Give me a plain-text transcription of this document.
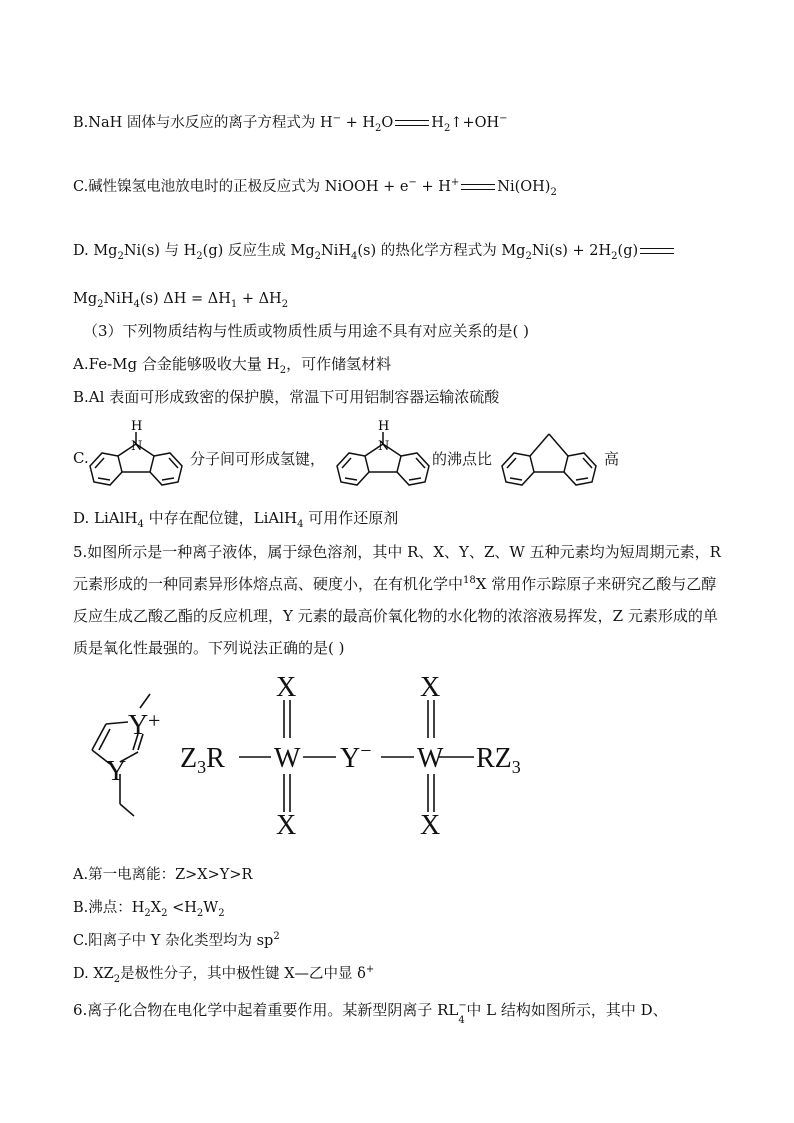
B.NaH 固体与水反应的离子方程式为 $H^- + H_2O$	$H_2↑+OH^-$
C.碱性镍氢电池放电时的正极反应式为 NiOOH + e− + H+	$Ni(OH)_2$
D. $Mg_2Ni(s)$ 与 $H_2(g)$ 反应生成 $Mg_2NiH_4(s)$ 的热化学方程式为 $Mg_2Ni(s) + 2H_2(g)$
$Mg_2NiH_4(s) \Delta H = \Delta H_1 + \Delta H_2$
（3）下列物质结构与性质或物质性质与用途不具有对应关系的是( )
A.Fe-Mg 合金能够吸收大量 $H_2$，可作储氢材料
B.Al 表面可形成致密的保护膜，常温下可用铝制容器运输浓硫酸
C.
N
H
分子间可形成氢键，
N
H
的沸点比	高
D. LiAlH$_4$ 中存在配位键，LiAlH$_4$ 可用作还原剂
5.如图所示是一种离子液体，属于绿色溶剂，其中 R、X、Y、Z、W 五种元素均为短周期元素，R 元素形成的一种同素异形体熔点高、硬度小，在有机化学中$^{18}$X 常用作示踪原子来研究乙酸与乙醇反应生成乙酸乙酯的反应机理，Y 元素的最高价氧化物的水化物的浓溶液易挥发，Z 元素形成的单质是氧化性最强的。下列说法正确的是( )
Y +
Y $Z_3R$ W Y− W $RZ_3$
X
X
X
X
A.第一电离能：Z>X>Y>R
B.沸点：$H_2X_2 <H_2W_2$
C.阳离子中 Y 杂化类型均为 $sp^2$
D. $XZ_2$是极性分子，其中极性键 X—乙中显 δ+
6.离子化合物在电化学中起着重要作用。某新型阴离子 RL −
4
中 L 结构如图所示，其中 D、
